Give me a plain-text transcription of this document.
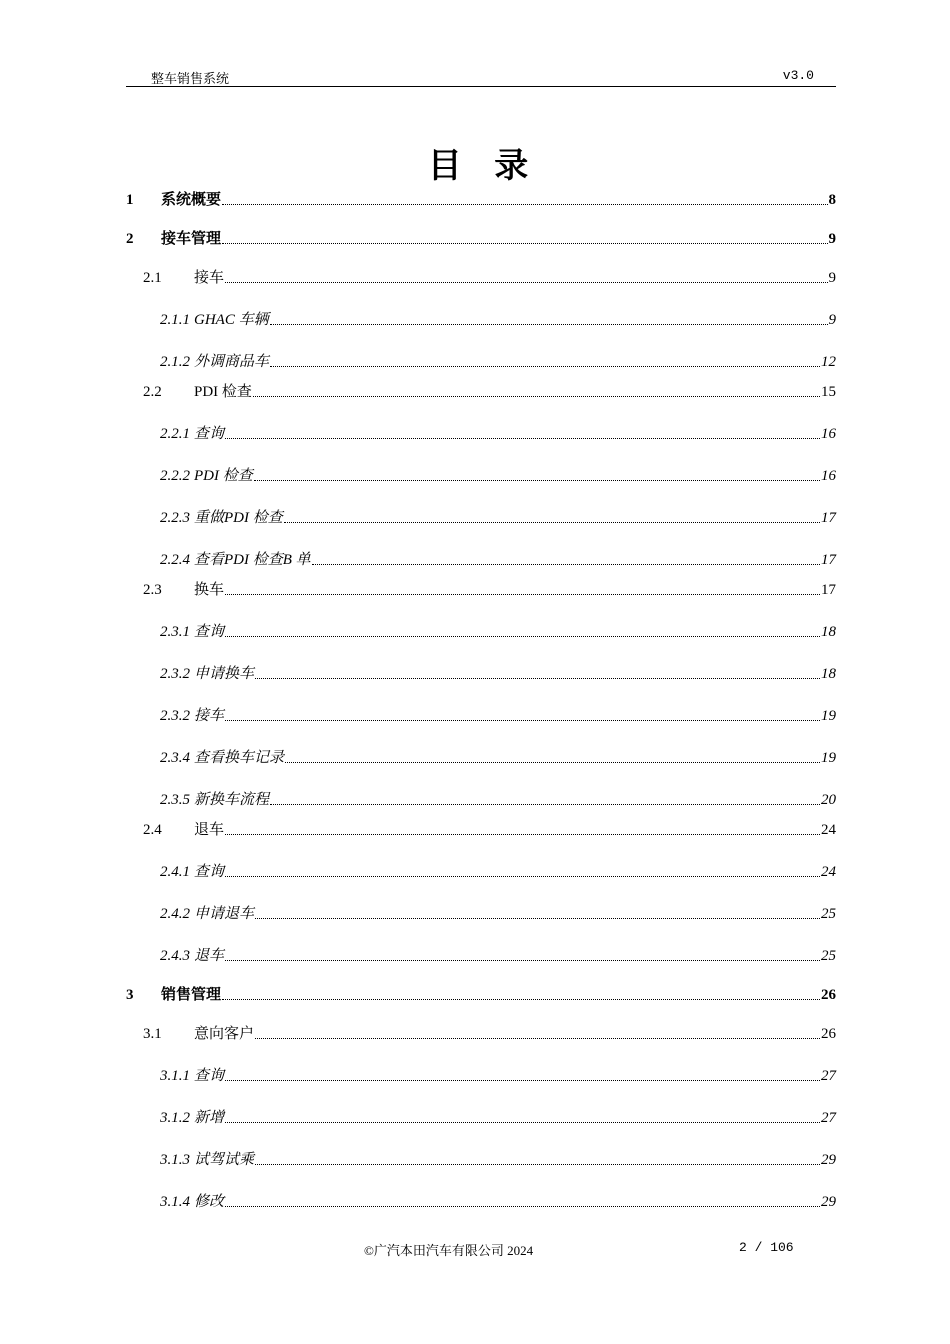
整车销售系统	v3.0
目 录
1	系统概要	8
2	接车管理	9
2.1	接车	9
2.1.1 GHAC 车辆	9
2.1.2 外调商品车	12
2.2	PDI 检查	15
2.2.1 查询	16
2.2.2 PDI 检查	16
2.2.3 重做PDI 检查	17
2.2.4 查看PDI 检查B 单	17
2.3	换车	17
2.3.1 查询	18
2.3.2 申请换车	18
2.3.2 接车	19
2.3.4 查看换车记录	19
2.3.5 新换车流程	20
2.4	退车	24
2.4.1 查询	24
2.4.2 申请退车	25
2.4.3 退车	25
3	销售管理	26
3.1	意向客户	26
3.1.1 查询	27
3.1.2 新增	27
3.1.3 试驾试乘	29
3.1.4 修改	29
©广汽本田汽车有限公司 2024	2 / 106
